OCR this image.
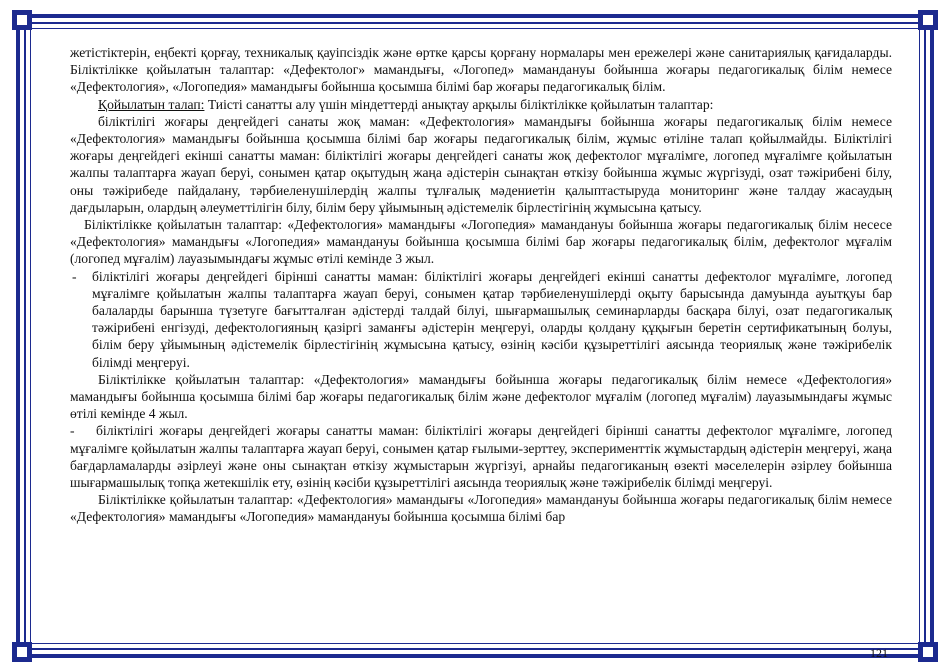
жетістіктерін, еңбекті қорғау, техникалық қауіпсіздік және өртке қарсы қорғану нормалары мен ережелері және санитариялық қағидаларды. Біліктілікке қойылатын талаптар: «Дефектолог» мамандығы, «Логопед» мамандануы бойынша жоғары педагогикалық білім немесе «Дефектология», «Логопедия» мамандығы бойынша қосымша білімі бар жоғары педагогикалық білім.

Қойылатын талап: Тиісті санатты алу үшін міндеттерді анықтау арқылы біліктілікке қойылатын талаптар:

біліктілігі жоғары деңгейдегі санаты жоқ маман: «Дефектология» мамандығы бойынша жоғары педагогикалық білім немесе «Дефектология» мамандығы бойынша қосымша білімі бар жоғары педагогикалық білім, жұмыс өтіліне талап қойылмайды. Біліктілігі жоғары деңгейдегі екінші санатты маман: біліктілігі жоғары деңгейдегі санаты жоқ дефектолог мұғалімге, логопед мұғалімге қойылатын жалпы талаптарға жауап беруі, сонымен қатар оқытудың жаңа әдістерін сынақтан өткізу бойынша жұмыс жүргізуді, озат тәжірибені білу, оны тәжірибеде пайдалану, тәрбиеленушілердің жалпы тұлғалық мәдениетін қалыптастыруда мониторинг және талдау жасаудың дағдыларын, олардың әлеуметтілігін білу, білім беру ұйымының әдістемелік бірлестігінің жұмысына қатысу.

Біліктілікке қойылатын талаптар: «Дефектология» мамандығы «Логопедия» мамандануы бойынша жоғары педагогикалық білім несесе «Дефектология» мамандығы «Логопедия» мамандануы бойынша қосымша білімі бар жоғары педагогикалық білім, дефектолог мұғалім (логопед мұғалім) лауазымындағы жұмыс өтілі кемінде 3 жыл.

-	біліктілігі жоғары деңгейдегі бірінші санатты маман: біліктілігі жоғары деңгейдегі екінші санатты дефектолог мұғалімге, логопед мұғалімге қойылатын жалпы талаптарға жауап беруі, сонымен қатар тәрбиеленушілерді оқыту барысында дамуында ауытқуы бар балаларды барынша түзетуге бағытталған әдістерді талдай білуі, шығармашылық семинарларды басқара білуі, озат педагогикалық тәжірибені енгізуді, дефектологияның қазіргі заманғы әдістерін меңгеруі, оларды қолдану құқығын беретін сертификатының болуы, білім беру ұйымының әдістемелік бірлестігінің жұмысына қатысу, өзінің кәсіби құзыреттілігі аясында теориялық және тәжірибелік білімді меңгеруі.

Біліктілікке қойылатын талаптар: «Дефектология» мамандығы бойынша жоғары педагогикалық білім немесе «Дефектология» мамандығы бойынша қосымша білімі бар жоғары педагогикалық білім және дефектолог мұғалім (логопед мұғалім) лауазымындағы жұмыс өтілі кемінде 4 жыл.

- біліктілігі жоғары деңгейдегі жоғары санатты маман: біліктілігі жоғары деңгейдегі бірінші санатты дефектолог мұғалімге, логопед мұғалімге қойылатын жалпы талаптарға жауап беруі, сонымен қатар ғылыми-зерттеу, эксперименттік жұмыстардың әдістерін меңгеруі, жаңа бағдарламаларды әзірлеуі және оны сынақтан өткізу жұмыстарын жүргізуі, арнайы педагогиканың өзекті мәселелерін әзірлеу бойынша шығармашылық топқа жетекшілік ету, өзінің кәсіби құзыреттілігі аясында теориялық және тәжірибелік білімді меңгеруі.

Біліктілікке қойылатын талаптар: «Дефектология» мамандығы «Логопедия» мамандануы бойынша жоғары педагогикалық білім немесе «Дефектология» мамандығы «Логопедия» мамандануы бойынша қосымша білімі бар

121
